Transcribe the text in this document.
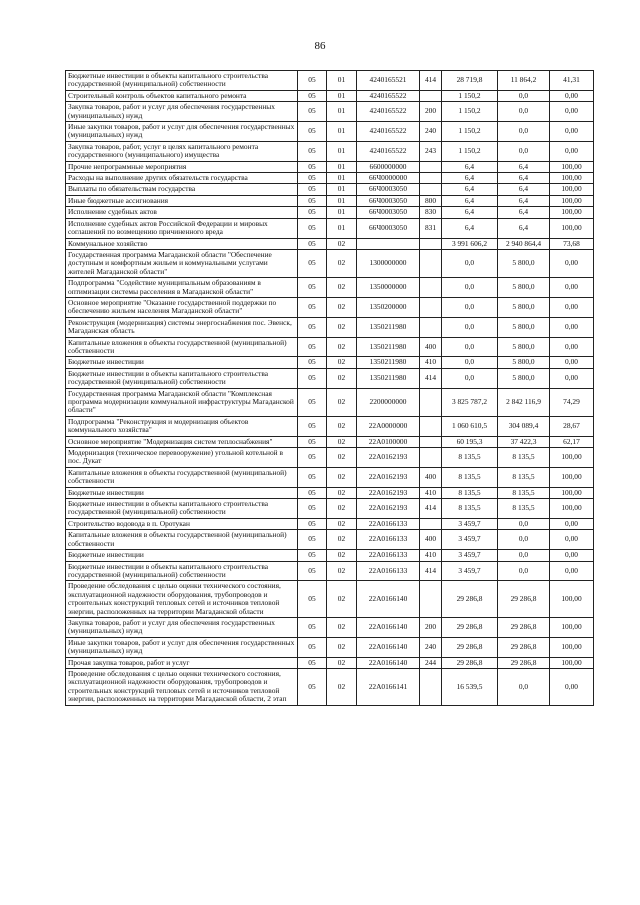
86
Бюджетные инвестиции в объекты капитального строительства государственной (муниципальной) собственности	05	01	4240165521	414	28 719,8	11 864,2	41,31
Строительный контроль объектов капитального ремонта	05	01	4240165522		1 150,2	0,0	0,00
Закупка товаров, работ и услуг для обеспечения государственных (муниципальных) нужд	05	01	4240165522	200	1 150,2	0,0	0,00
Иные закупки товаров, работ и услуг для обеспечения государственных (муниципальных) нужд	05	01	4240165522	240	1 150,2	0,0	0,00
Закупка товаров, работ, услуг в целях капитального ремонта государственного (муниципального) имущества	05	01	4240165522	243	1 150,2	0,0	0,00
Прочие непрограммные мероприятия	05	01	6600000000		6,4	6,4	100,00
Расходы на выполнение других обязательств государства	05	01	66Ч0000000		6,4	6,4	100,00
Выплаты по обязательствам государства	05	01	66Ч0003050		6,4	6,4	100,00
Иные бюджетные ассигнования	05	01	66Ч0003050	800	6,4	6,4	100,00
Исполнение судебных актов	05	01	66Ч0003050	830	6,4	6,4	100,00
Исполнение судебных актов Российской Федерации и мировых соглашений по возмещению причиненного вреда	05	01	66Ч0003050	831	6,4	6,4	100,00
Коммунальное хозяйство	05	02			3 991 606,2	2 940 864,4	73,68
Государственная программа Магаданской области "Обеспечение доступным и комфортным жильем и коммунальными услугами жителей Магаданской области"	05	02	1300000000		0,0	5 800,0	0,00
Подпрограмма "Содействие муниципальным образованиям в оптимизации системы расселения в Магаданской области"	05	02	1350000000		0,0	5 800,0	0,00
Основное мероприятие "Оказание государственной поддержки по обеспечению жильем населения Магаданской области"	05	02	1350200000		0,0	5 800,0	0,00
Реконструкция (модернизация) системы энергоснабжения пос. Эвенск, Магаданская область	05	02	1350211980		0,0	5 800,0	0,00
Капитальные вложения в объекты государственной (муниципальной) собственности	05	02	1350211980	400	0,0	5 800,0	0,00
Бюджетные инвестиции	05	02	1350211980	410	0,0	5 800,0	0,00
Бюджетные инвестиции в объекты капитального строительства государственной (муниципальной) собственности	05	02	1350211980	414	0,0	5 800,0	0,00
Государственная программа Магаданской области "Комплексная программа модернизации коммунальной инфраструктуры Магаданской области"	05	02	2200000000		3 825 787,2	2 842 116,9	74,29
Подпрограмма "Реконструкция и модернизация объектов коммунального хозяйства"	05	02	22A0000000		1 060 610,5	304 089,4	28,67
Основное мероприятие "Модернизация систем теплоснабжения"	05	02	22A0100000		60 195,3	37 422,3	62,17
Модернизация (техническое перевооружение) угольной котельной в пос. Дукат	05	02	22A0162193		8 135,5	8 135,5	100,00
Капитальные вложения в объекты государственной (муниципальной) собственности	05	02	22A0162193	400	8 135,5	8 135,5	100,00
Бюджетные инвестиции	05	02	22A0162193	410	8 135,5	8 135,5	100,00
Бюджетные инвестиции в объекты капитального строительства государственной (муниципальной) собственности	05	02	22A0162193	414	8 135,5	8 135,5	100,00
Строительство водовода в п. Оротукан	05	02	22A0166133		3 459,7	0,0	0,00
Капитальные вложения в объекты государственной (муниципальной) собственности	05	02	22A0166133	400	3 459,7	0,0	0,00
Бюджетные инвестиции	05	02	22A0166133	410	3 459,7	0,0	0,00
Бюджетные инвестиции в объекты капитального строительства государственной (муниципальной) собственности	05	02	22A0166133	414	3 459,7	0,0	0,00
Проведение обследования с целью оценки технического состояния, эксплуатационной надежности оборудования, трубопроводов и строительных конструкций тепловых сетей и источников тепловой энергии, расположенных на территории Магаданской области	05	02	22A0166140		29 286,8	29 286,8	100,00
Закупка товаров, работ и услуг для обеспечения государственных (муниципальных) нужд	05	02	22A0166140	200	29 286,8	29 286,8	100,00
Иные закупки товаров, работ и услуг для обеспечения государственных (муниципальных) нужд	05	02	22A0166140	240	29 286,8	29 286,8	100,00
Прочая закупка товаров, работ и услуг	05	02	22A0166140	244	29 286,8	29 286,8	100,00
Проведение обследования с целью оценки технического состояния, эксплуатационной надежности оборудования, трубопроводов и строительных конструкций тепловых сетей и источников тепловой энергии, расположенных на территории Магаданской области, 2 этап	05	02	22A0166141		16 539,5	0,0	0,00
